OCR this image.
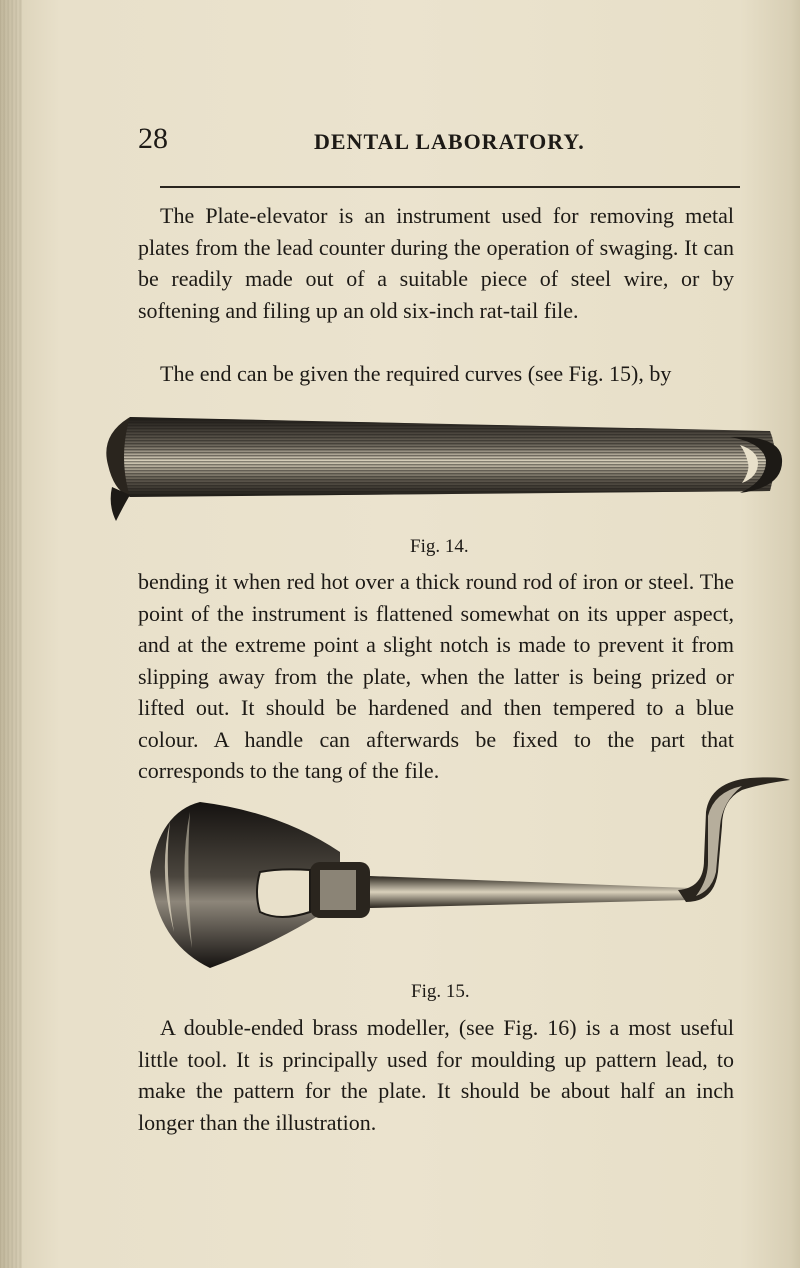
28	DENTAL LABORATORY.

The Plate-elevator is an instrument used for removing metal plates from the lead counter during the operation of swaging. It can be readily made out of a suitable piece of steel wire, or by softening and filing up an old six-inch rat-tail file.

The end can be given the required curves (see Fig. 15), by

Fig. 14.

bending it when red hot over a thick round rod of iron or steel. The point of the instrument is flattened somewhat on its upper aspect, and at the extreme point a slight notch is made to prevent it from slipping away from the plate, when the latter is being prized or lifted out. It should be hardened and then tempered to a blue colour. A handle can afterwards be fixed to the part that corresponds to the tang of the file.

Fig. 15.

A double-ended brass modeller, (see Fig. 16) is a most useful little tool. It is principally used for moulding up pattern lead, to make the pattern for the plate. It should be about half an inch longer than the illustration.
